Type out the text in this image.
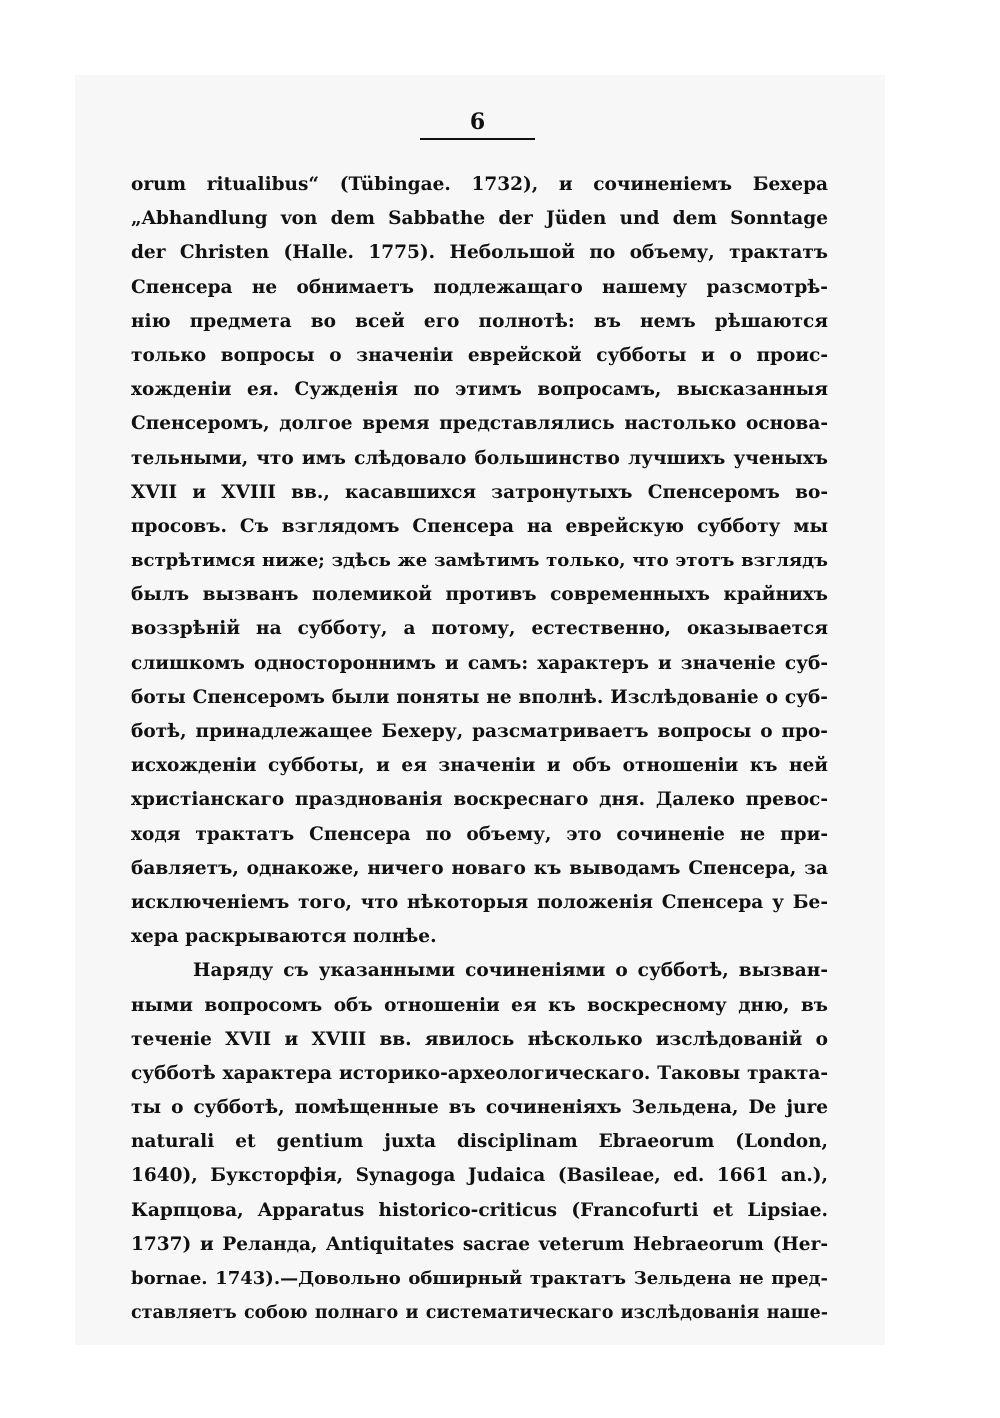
6
orum ritualibus“ (Tübingae. 1732), и сочиненіемъ Бехера
„Abhandlung von dem Sabbathe der Jüden und dem Sonntage
der Christen (Halle. 1775). Небольшой по объему, трактатъ
Спенсера не обнимаетъ подлежащаго нашему разсмотрѣ-
нію предмета во всей его полнотѣ: въ немъ рѣшаются
только вопросы о значеніи еврейской субботы и о проис-
хожденіи ея. Сужденія по этимъ вопросамъ, высказанныя
Спенсеромъ, долгое время представлялись настолько основа-
тельными, что имъ слѣдовало большинство лучшихъ ученыхъ
XVII и XVIII вв., касавшихся затронутыхъ Спенсеромъ во-
просовъ. Съ взглядомъ Спенсера на еврейскую субботу мы
встрѣтимся ниже; здѣсь же замѣтимъ только, что этотъ взглядъ
былъ вызванъ полемикой противъ современныхъ крайнихъ
воззрѣній на субботу, а потому, естественно, оказывается
слишкомъ одностороннимъ и самъ: характеръ и значеніе суб-
боты Спенсеромъ были поняты не вполнѣ. Изслѣдованіе о суб-
ботѣ, принадлежащее Бехеру, разсматриваетъ вопросы о про-
исхожденіи субботы, и ея значеніи и объ отношеніи къ ней
христіанскаго празднованія воскреснаго дня. Далеко превос-
ходя трактатъ Спенсера по объему, это сочиненіе не при-
бавляетъ, однакоже, ничего новаго къ выводамъ Спенсера, за
исключеніемъ того, что нѣкоторыя положенія Спенсера у Бе-
хера раскрываются полнѣе.
Наряду съ указанными сочиненіями о субботѣ, вызван-
ными вопросомъ объ отношеніи ея къ воскресному дню, въ
теченіе XVII и XVIII вв. явилось нѣсколько изслѣдованій о
субботѣ характера историко-археологическаго. Таковы тракта-
ты о субботѣ, помѣщенные въ сочиненіяхъ Зельдена, De jure
naturali et gentium juxta disciplinam Ebraeorum (London,
1640), Буксторфія, Synagoga Judaica (Basileae, ed. 1661 an.),
Карпцова, Apparatus historico-criticus (Francofurti et Lipsiae.
1737) и Реланда, Antiquitates sacrae veterum Hebraeorum (Her-
bornae. 1743).—Довольно обширный трактатъ Зельдена не пред-
ставляетъ собою полнаго и систематическаго изслѣдованія наше-
